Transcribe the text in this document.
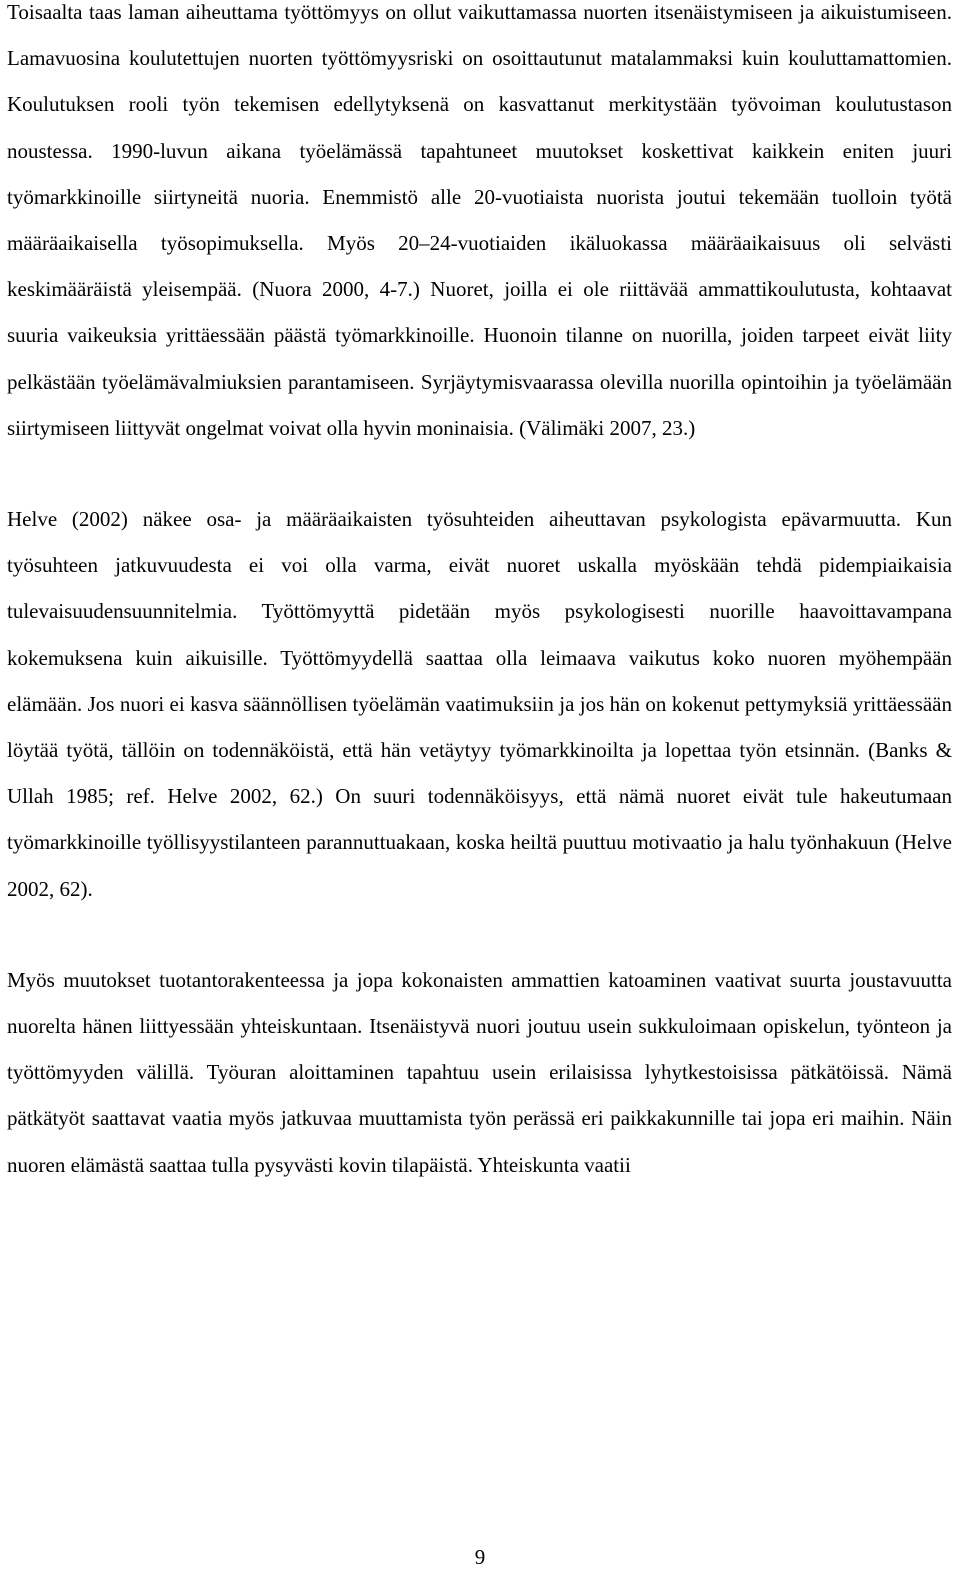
Toisaalta taas laman aiheuttama työttömyys on ollut vaikuttamassa nuorten itsenäistymiseen ja aikuistumiseen. Lamavuosina koulutettujen nuorten työttömyysriski on osoittautunut matalammaksi kuin kouluttamattomien. Koulutuksen rooli työn tekemisen edellytyksenä on kasvattanut merkitystään työvoiman koulutustason noustessa. 1990-luvun aikana työelämässä tapahtuneet muutokset koskettivat kaikkein eniten juuri työmarkkinoille siirtyneitä nuoria. Enemmistö alle 20-vuotiaista nuorista joutui tekemään tuolloin työtä määräaikaisella työsopimuksella. Myös 20–24-vuotiaiden ikäluokassa määräaikaisuus oli selvästi keskimääräistä yleisempää. (Nuora 2000, 4-7.) Nuoret, joilla ei ole riittävää ammattikoulutusta, kohtaavat suuria vaikeuksia yrittäessään päästä työmarkkinoille. Huonoin tilanne on nuorilla, joiden tarpeet eivät liity pelkästään työelämävalmiuksien parantamiseen. Syrjäytymisvaarassa olevilla nuorilla opintoihin ja työelämään siirtymiseen liittyvät ongelmat voivat olla hyvin moninaisia. (Välimäki 2007, 23.)

Helve (2002) näkee osa- ja määräaikaisten työsuhteiden aiheuttavan psykologista epävarmuutta. Kun työsuhteen jatkuvuudesta ei voi olla varma, eivät nuoret uskalla myöskään tehdä pidempiaikaisia tulevaisuudensuunnitelmia. Työttömyyttä pidetään myös psykologisesti nuorille haavoittavampana kokemuksena kuin aikuisille. Työttömyydellä saattaa olla leimaava vaikutus koko nuoren myöhempään elämään. Jos nuori ei kasva säännöllisen työelämän vaatimuksiin ja jos hän on kokenut pettymyksiä yrittäessään löytää työtä, tällöin on todennäköistä, että hän vetäytyy työmarkkinoilta ja lopettaa työn etsinnän. (Banks & Ullah 1985; ref. Helve 2002, 62.) On suuri todennäköisyys, että nämä nuoret eivät tule hakeutumaan työmarkkinoille työllisyystilanteen parannuttuakaan, koska heiltä puuttuu motivaatio ja halu työnhakuun (Helve 2002, 62).

Myös muutokset tuotantorakenteessa ja jopa kokonaisten ammattien katoaminen vaativat suurta joustavuutta nuorelta hänen liittyessään yhteiskuntaan. Itsenäistyvä nuori joutuu usein sukkuloimaan opiskelun, työnteon ja työttömyyden välillä. Työuran aloittaminen tapahtuu usein erilaisissa lyhytkestoisissa pätkätöissä. Nämä pätkätyöt saattavat vaatia myös jatkuvaa muuttamista työn perässä eri paikkakunnille tai jopa eri maihin. Näin nuoren elämästä saattaa tulla pysyvästi kovin tilapäistä. Yhteiskunta vaatii

9
